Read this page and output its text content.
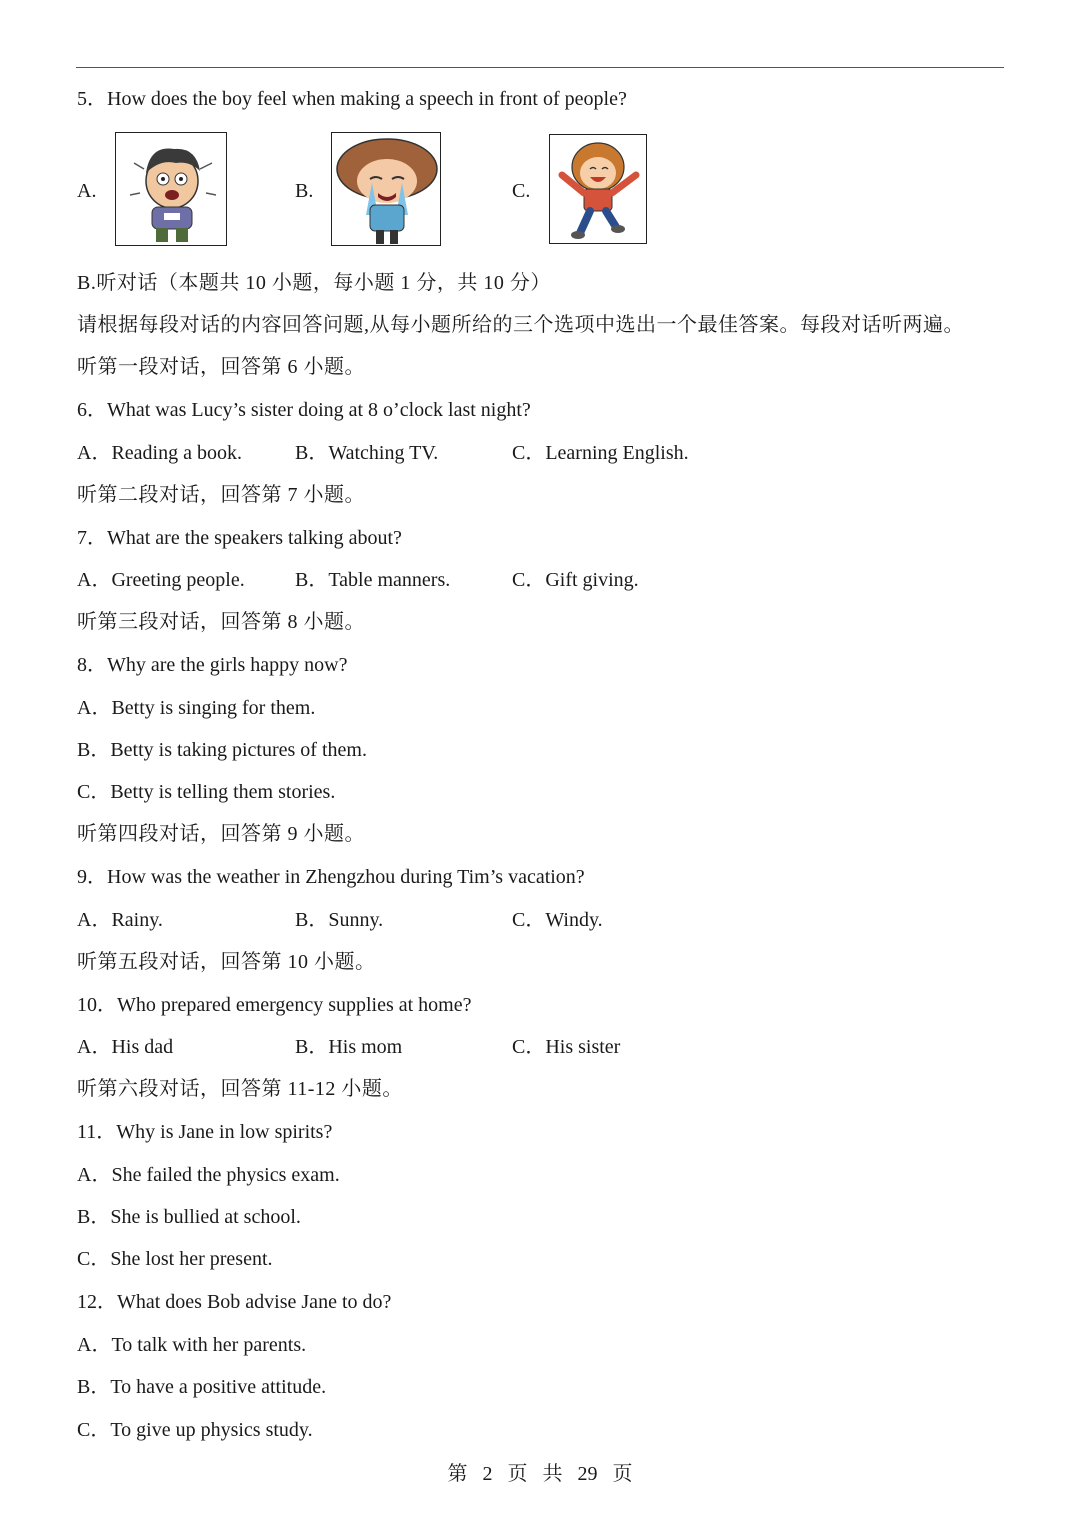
5．How does the boy feel when making a speech in front of people?
A.	B.	C.
B.听对话（本题共 10 小题，每小题 1 分，共 10 分）
请根据每段对话的内容回答问题,从每小题所给的三个选项中选出一个最佳答案。每段对话听两遍。
听第一段对话，回答第 6 小题。
6．What was Lucy’s sister doing at 8 o’clock last night?
A．Reading a book.	B．Watching TV.	C．Learning English.
听第二段对话，回答第 7 小题。
7．What are the speakers talking about?
A．Greeting people.	B．Table manners.	C．Gift giving.
听第三段对话，回答第 8 小题。
8．Why are the girls happy now?
A．Betty is singing for them.
B．Betty is taking pictures of them.
C．Betty is telling them stories.
听第四段对话，回答第 9 小题。
9．How was the weather in Zhengzhou during Tim’s vacation?
A．Rainy.	B．Sunny.	C．Windy.
听第五段对话，回答第 10 小题。
10．Who prepared emergency supplies at home?
A．His dad	B．His mom	C．His sister
听第六段对话，回答第 11-12 小题。
11．Why is Jane in low spirits?
A．She failed the physics exam.
B．She is bullied at school.
C．She lost her present.
12．What does Bob advise Jane to do?
A．To talk with her parents.
B．To have a positive attitude.
C．To give up physics study.
第 2 页 共 29 页
